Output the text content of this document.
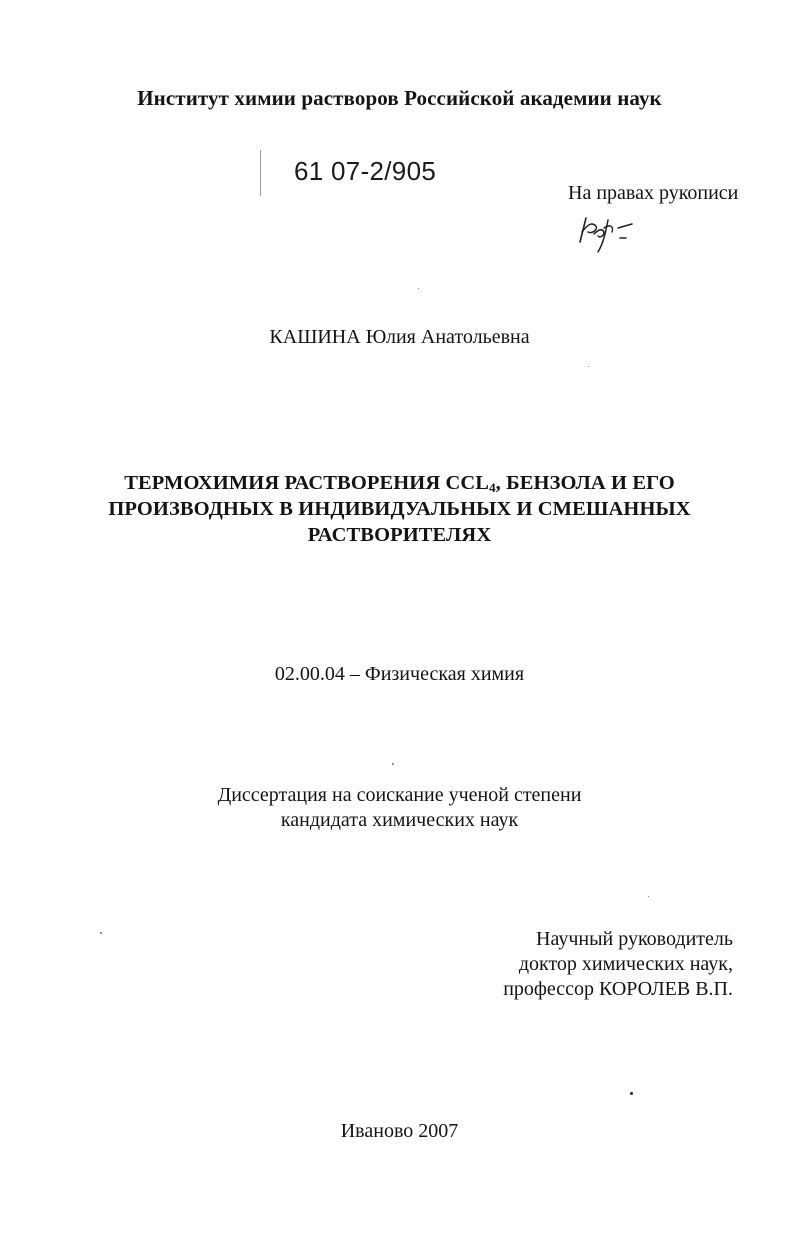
Институт химии растворов Российской академии наук
61 07-2/905
На правах рукописи
КАШИНА Юлия Анатольевна
ТЕРМОХИМИЯ РАСТВОРЕНИЯ $CCL_4$, БЕНЗОЛА И ЕГО
ПРОИЗВОДНЫХ В ИНДИВИДУАЛЬНЫХ И СМЕШАННЫХ
РАСТВОРИТЕЛЯХ
02.00.04 – Физическая химия
Диссертация на соискание ученой степени
кандидата химических наук
Научный руководитель
доктор химических наук,
профессор КОРОЛЕВ В.П.
Иваново 2007
